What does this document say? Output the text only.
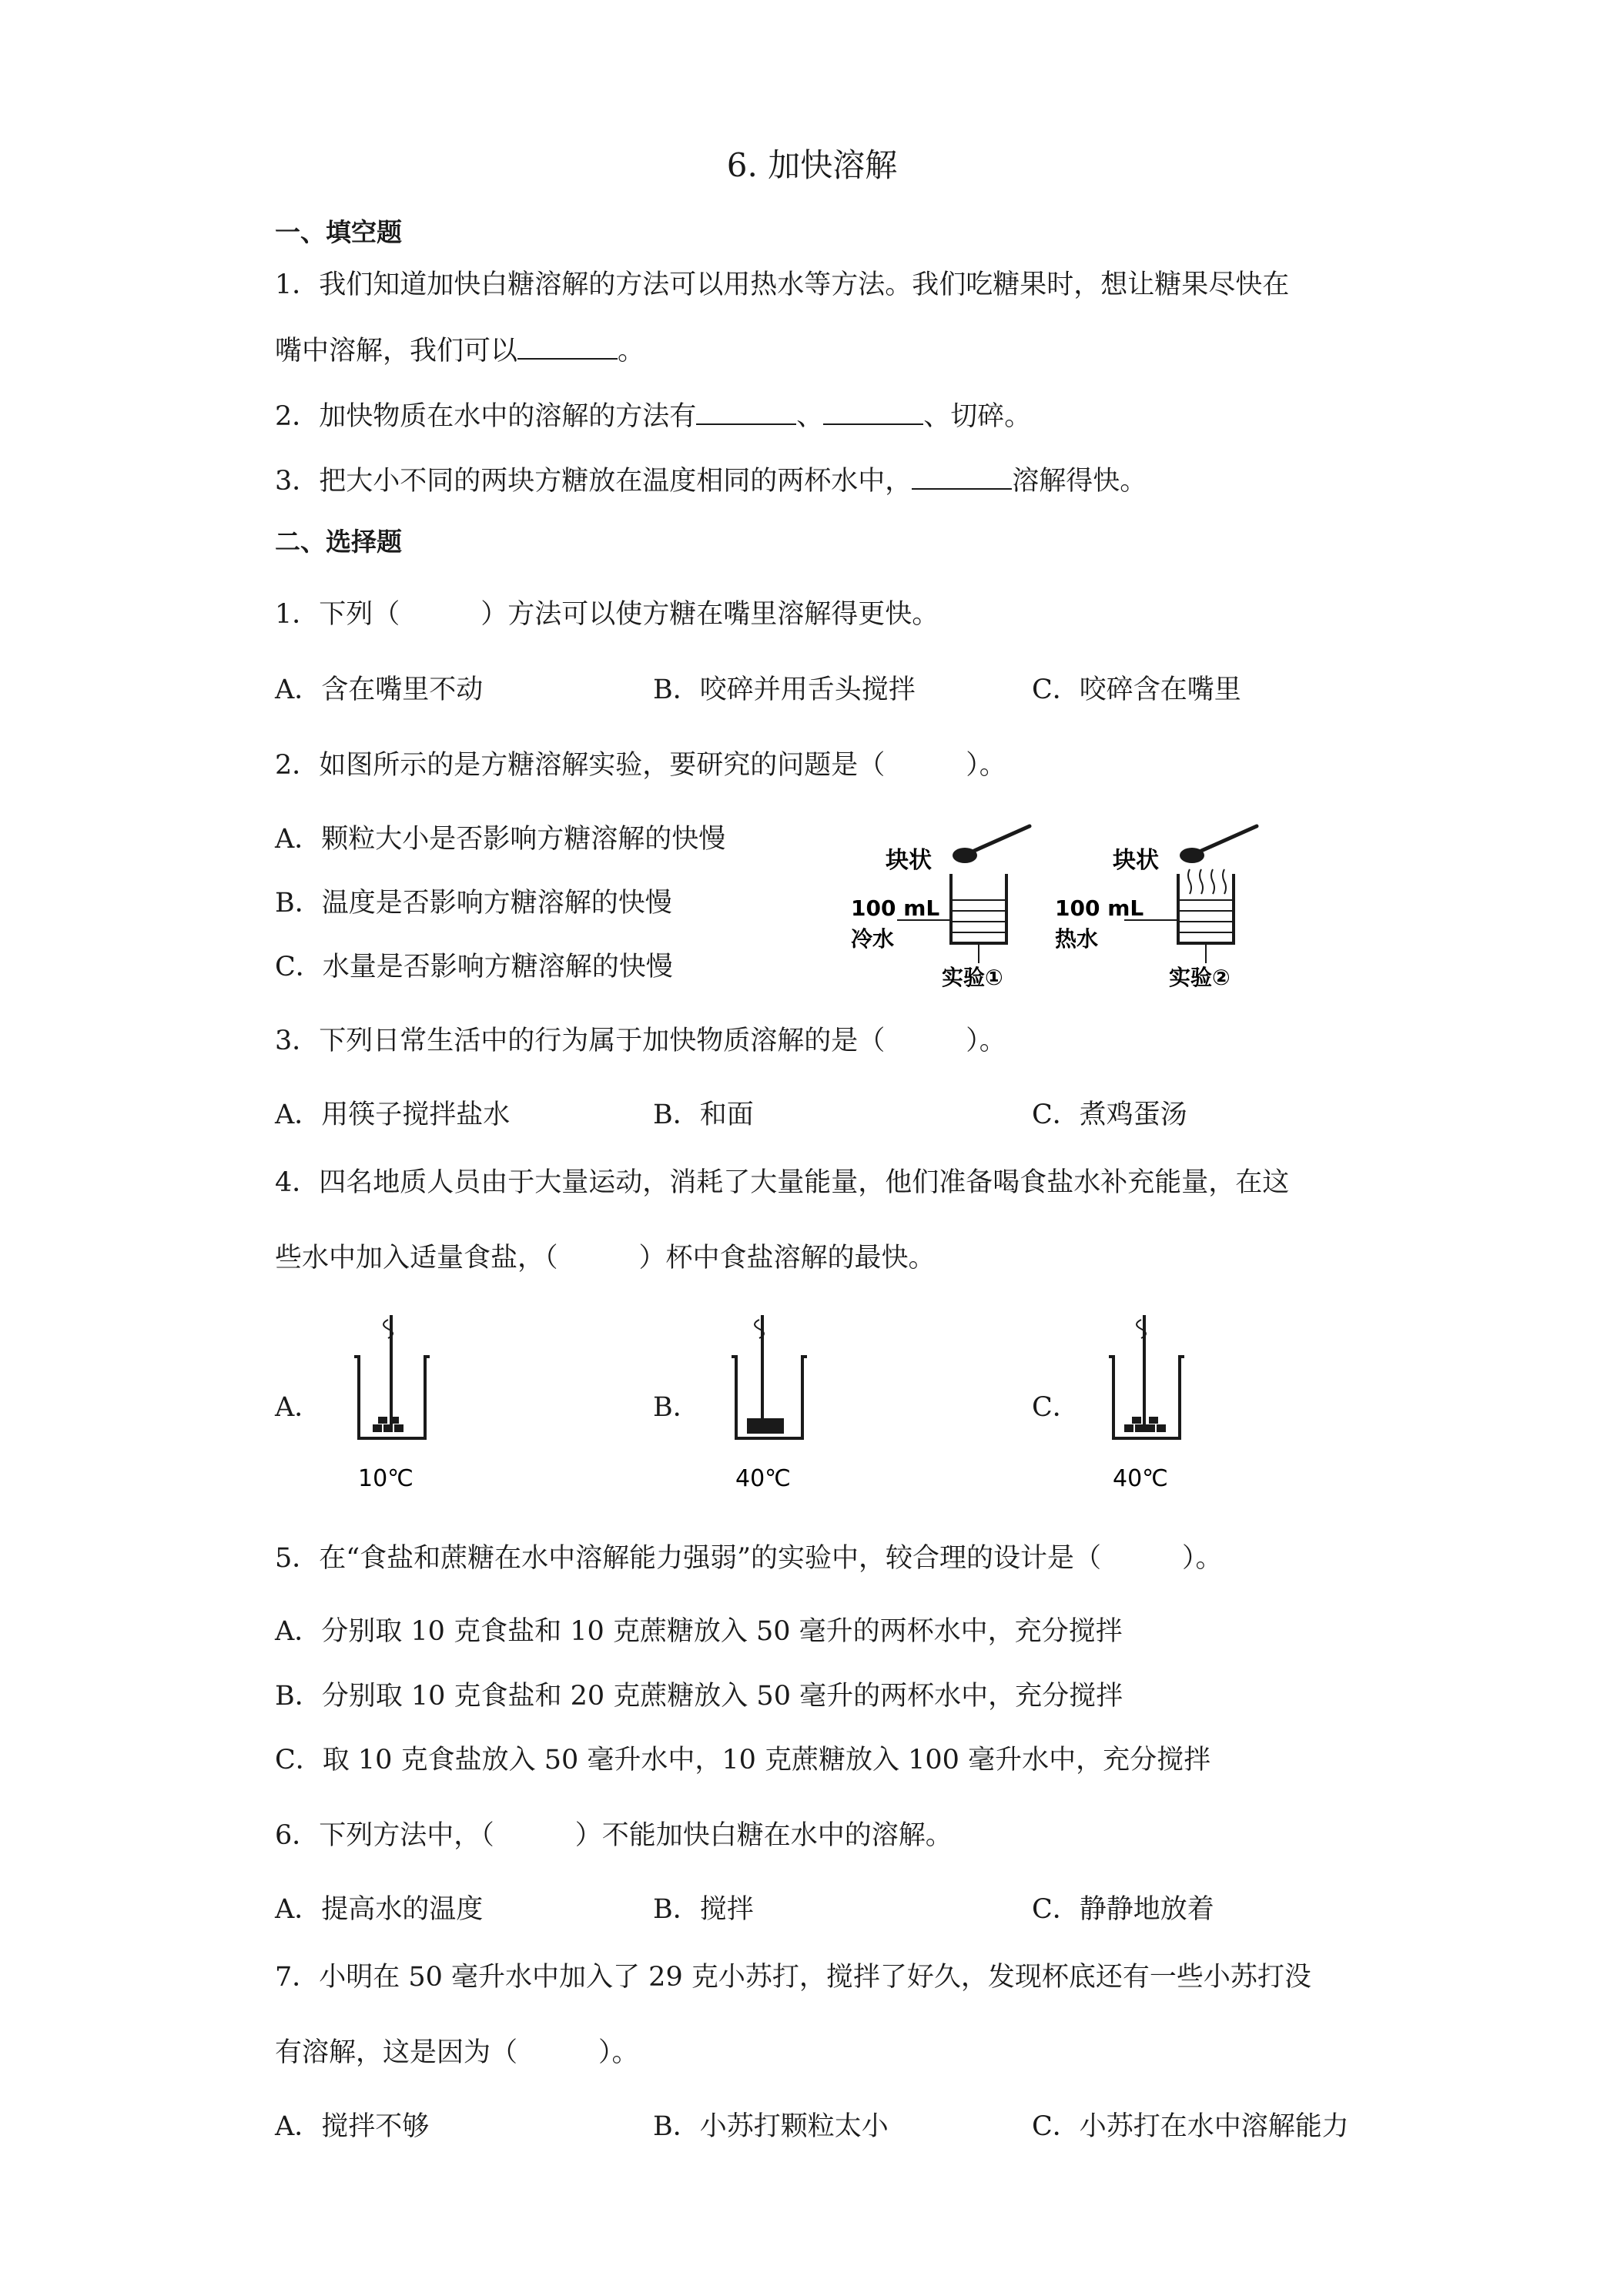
6. 加快溶解
一、填空题
1．我们知道加快白糖溶解的方法可以用热水等方法。我们吃糖果时，想让糖果尽快在
嘴中溶解，我们可以	。
2．加快物质在水中的溶解的方法有	、	、切碎。
3．把大小不同的两块方糖放在温度相同的两杯水中，	溶解得快。
二、选择题
1．下列（　　　）方法可以使方糖在嘴里溶解得更快。
A．含在嘴里不动	B．咬碎并用舌头搅拌	C．咬碎含在嘴里
2．如图所示的是方糖溶解实验，要研究的问题是（　　　）。
A．颗粒大小是否影响方糖溶解的快慢
B．温度是否影响方糖溶解的快慢
C．水量是否影响方糖溶解的快慢
块状
100 mL
冷水
实验①
块状
100 mL
热水
实验②
3．下列日常生活中的行为属于加快物质溶解的是（　　　）。
A．用筷子搅拌盐水	B．和面	C．煮鸡蛋汤
4．四名地质人员由于大量运动，消耗了大量能量，他们准备喝食盐水补充能量，在这
些水中加入适量食盐，（　　　）杯中食盐溶解的最快。
A．	B．	C．
10℃	40℃	40℃
5．在“食盐和蔗糖在水中溶解能力强弱”的实验中，较合理的设计是（　　　）。
A．分别取 10 克食盐和 10 克蔗糖放入 50 毫升的两杯水中，充分搅拌
B．分别取 10 克食盐和 20 克蔗糖放入 50 毫升的两杯水中，充分搅拌
C．取 10 克食盐放入 50 毫升水中，10 克蔗糖放入 100 毫升水中，充分搅拌
6．下列方法中，（　　　）不能加快白糖在水中的溶解。
A．提高水的温度	B．搅拌	C．静静地放着
7．小明在 50 毫升水中加入了 29 克小苏打，搅拌了好久，发现杯底还有一些小苏打没
有溶解，这是因为（　　　）。
A．搅拌不够	B．小苏打颗粒太小	C．小苏打在水中溶解能力
